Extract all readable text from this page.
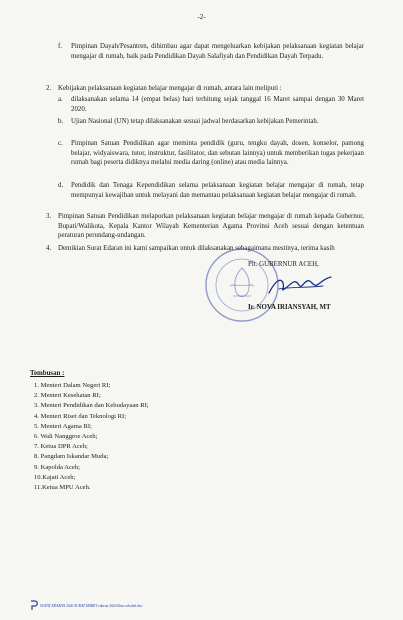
-2-
f. Pimpinan Dayah/Pesantren, dihimbau agar dapat mengeluarkan kebijakan pelaksanaan kegiatan belajar mengajar di rumah, baik pada Pendidikan Dayah Salafiyah dan Pendidikan Dayah Terpadu.
2. Kebijakan pelaksanaan kegiatan belajar mengajar di rumah, antara lain meliputi :
a. dilaksanakan selama 14 (empat belas) hari terhitung sejak tanggal 16 Maret sampai dengan 30 Maret 2020.
b. Ujian Nasional (UN) tetap dilaksanakan sesuai jadwal berdasarkan kebijakan Pemerintah.
c. Pimpinan Satuan Pendidikan agar meminta pendidik (guru, tengku dayah, dosen, konselor, pamong belajar, widyaiswara, tutor, instruktur, fasilitator, dan sebutan lainnya) untuk memberikan tugas pekerjaan rumah bagi peserta didiknya melalui media daring (online) atau media lainnya.
d. Pendidik dan Tenaga Kependidikan selama pelaksanaan kegiatan belajar mengajar di rumah, tetap mempunyai kewajiban untuk melayani dan memantau pelaksanaan kegiatan belajar mengajar di rumah.
3. Pimpinan Satuan Pendidikan melaporkan pelaksanaan kegiatan belajar mengajar di rumah kepada Gubernur, Bupati/Walikota, Kepala Kantor Wilayah Kementerian Agama Provinsi Aceh sesuai dengan ketentuan peraturan perundang-undangan.
4. Demikian Surat Edaran ini kami sampaikan untuk dilaksanakan sebagaimana mestinya, terima kasih
Plt. GUBERNUR ACEH,
Ir. NOVA IRIANSYAH, MT
Tembusan :
1. Menteri Dalam Negeri RI;
2. Menteri Kesehatan RI;
3. Menteri Pendidikan dan Kebudayaan RI;
4. Menteri Riset dan Teknologi RI;
5. Menteri Agama RI;
6. Wali Nanggroe Aceh;
7. Ketua DPR Aceh;
8. Pangdam Iskandar Muda;
9. Kapolda Aceh;
10.Kajati Aceh;
11.Ketua MPU Aceh.
SURAT EDARAN 2020 SURAT MARET edaran 2020 libur sekolah.doc
